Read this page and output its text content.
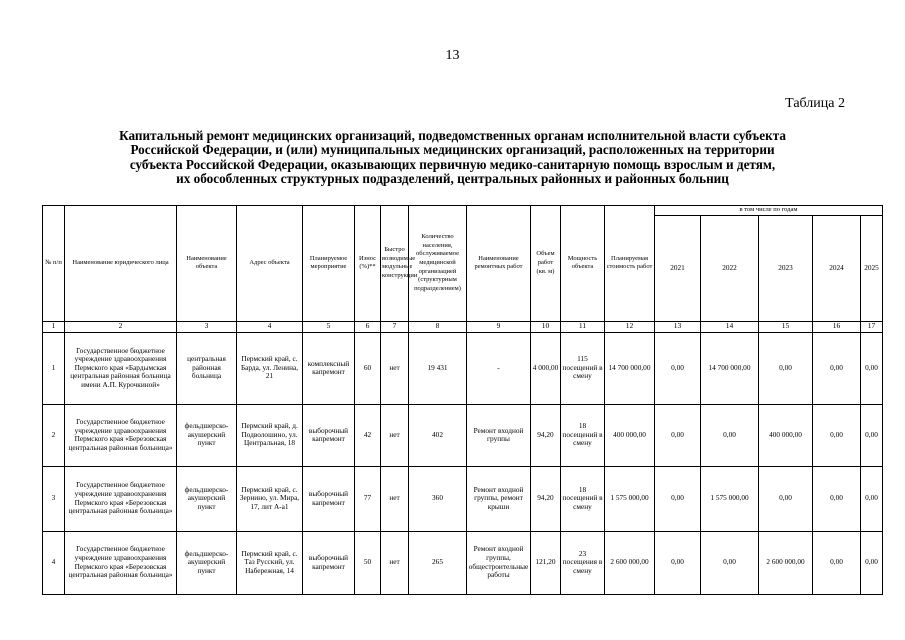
13
Таблица 2
Капитальный ремонт медицинских организаций, подведомственных органам исполнительной власти субъекта
Российской Федерации, и (или) муниципальных медицинских организаций, расположенных на территории
субъекта Российской Федерации, оказывающих первичную медико-санитарную помощь взрослым и детям,
их обособленных структурных подразделений, центральных районных и районных больниц
№ п/п	Наименование юридического лица	Наименование объекта	Адрес объекта	Планируемое мероприятие	Износ (%)**	Быстро возводимые модульные конструкции	Количество населения, обслуживаемое медицинской организацией (структурным подразделением)	Наименование ремонтных работ	Объем работ (кв. м)	Мощность объекта	Планируемая стоимость работ	в том числе по годам				
												2021	2022	2023	2024	2025
1	2	3	4	5	6	7	8	9	10	11	12	13	14	15	16	17
1	Государственное бюджетное учреждение здравоохранения Пермского края «Бардымская центральная районная больница имени А.П. Курочкиной»	центральная районная больница	Пермский край, с. Барда, ул. Ленина, 21	комплексный капремонт	60	нет	19 431	-	4 000,00	115 посещений в смену	14 700 000,00	0,00	14 700 000,00	0,00	0,00	0,00
2	Государственное бюджетное учреждение здравоохранения Пермского края «Березовская центральная районная больница»	фельдшерско-акушерский пункт	Пермский край, д. Подволошино, ул. Центральная, 18	выборочный капремонт	42	нет	402	Ремонт входной группы	94,20	18 посещений в смену	400 000,00	0,00	0,00	400 000,00	0,00	0,00
3	Государственное бюджетное учреждение здравоохранения Пермского края «Березовская центральная районная больница»	фельдшерско-акушерский пункт	Пермский край, с. Зернино, ул. Мира, 17, лит А-а1	выборочный капремонт	77	нет	360	Ремонт входной группы, ремонт крыши	94,20	18 посещений в смену	1 575 000,00	0,00	1 575 000,00	0,00	0,00	0,00
4	Государственное бюджетное учреждение здравоохранения Пермского края «Березовская центральная районная больница»	фельдшерско-акушерский пункт	Пермский край, с. Таз Русский, ул. Набережная, 14	выборочный капремонт	50	нет	265	Ремонт входной группы, общестроительные работы	121,20	23 посещения в смену	2 600 000,00	0,00	0,00	2 600 000,00	0,00	0,00
